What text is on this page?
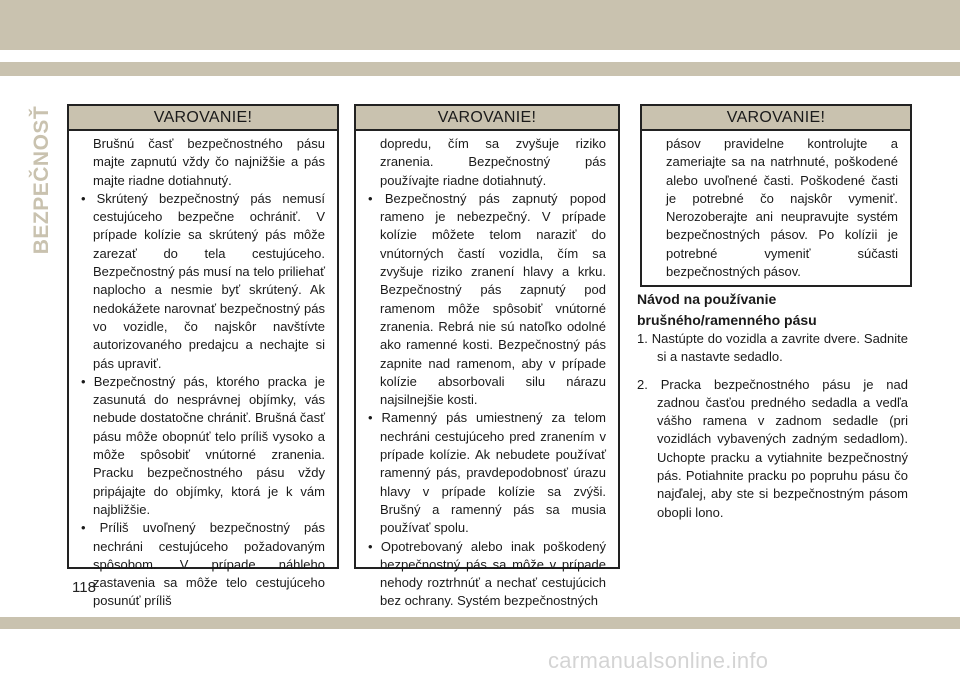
BEZPEČNOSŤ	VAROVANIE!

Brušnú časť bezpečnostného pásu majte zapnutú vždy čo najnižšie a pás majte riadne dotiahnutý.

• Skrútený bezpečnostný pás nemusí cestujúceho bezpečne ochrániť. V prípade kolízie sa skrútený pás môže zarezať do tela cestujúceho. Bezpečnostný pás musí na telo priliehať naplocho a nesmie byť skrútený. Ak nedokážete narovnať bezpečnostný pás vo vozidle, čo najskôr navštívte autorizovaného predajcu a nechajte si pás upraviť.

• Bezpečnostný pás, ktorého pracka je zasunutá do nesprávnej objímky, vás nebude dostatočne chrániť. Brušná časť pásu môže obopnúť telo príliš vysoko a môže spôsobiť vnútorné zranenia. Pracku bezpečnostného pásu vždy pripájajte do objímky, ktorá je k vám najbližšie.

• Príliš uvoľnený bezpečnostný pás nechráni cestujúceho požadovaným spôsobom. V prípade náhleho zastavenia sa môže telo cestujúceho posunúť príliš

VAROVANIE!

dopredu, čím sa zvyšuje riziko zranenia. Bezpečnostný pás používajte riadne dotiahnutý.

• Bezpečnostný pás zapnutý popod rameno je nebezpečný. V prípade kolízie môžete telom naraziť do vnútorných častí vozidla, čím sa zvyšuje riziko zranení hlavy a krku. Bezpečnostný pás zapnutý pod ramenom môže spôsobiť vnútorné zranenia. Rebrá nie sú natoľko odolné ako ramenné kosti. Bezpečnostný pás zapnite nad ramenom, aby v prípade kolízie absorbovali silu nárazu najsilnejšie kosti.

• Ramenný pás umiestnený za telom nechráni cestujúceho pred zranením v prípade kolízie. Ak nebudete používať ramenný pás, pravdepodobnosť úrazu hlavy v prípade kolízie sa zvýši. Brušný a ramenný pás sa musia používať spolu.

• Opotrebovaný alebo inak poškodený bezpečnostný pás sa môže v prípade nehody roztrhnúť a nechať cestujúcich bez ochrany. Systém bezpečnostných

VAROVANIE!

pásov pravidelne kontrolujte a zameriajte sa na natrhnuté, poškodené alebo uvoľnené časti. Poškodené časti je potrebné čo najskôr vymeniť. Nerozoberajte ani neupravujte systém bezpečnostných pásov. Po kolízii je potrebné vymeniť súčasti bezpečnostných pásov.

Návod na používanie brušného/ramenného pásu

1. Nastúpte do vozidla a zavrite dvere. Sadnite si a nastavte sedadlo.

2. Pracka bezpečnostného pásu je nad zadnou časťou predného sedadla a vedľa vášho ramena v zadnom sedadle (pri vozidlách vybavených zadným sedadlom). Uchopte pracku a vytiahnite bezpečnostný pás. Potiahnite pracku po popruhu pásu čo najďalej, aby ste si bezpečnostným pásom obopli lono.

118
carmanualsonline.info
